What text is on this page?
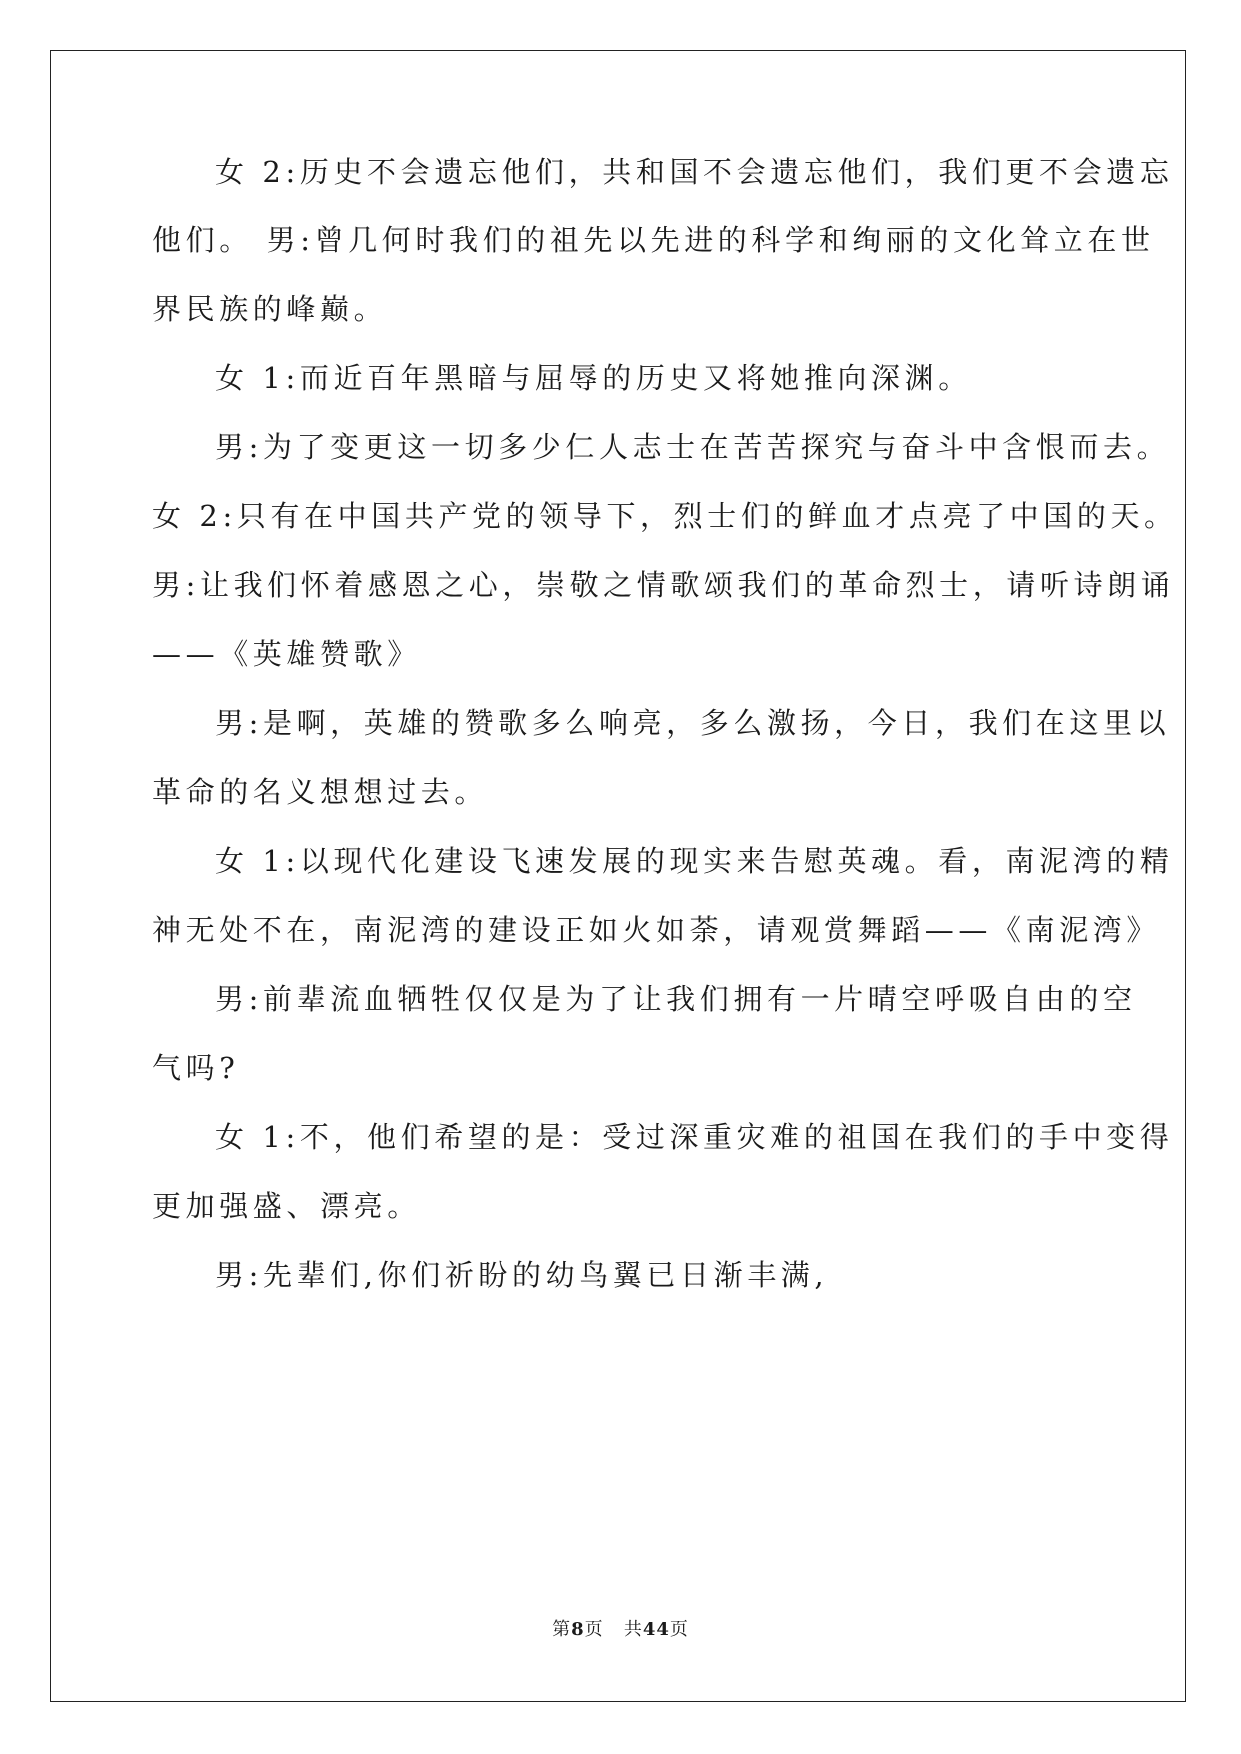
女 2:历史不会遗忘他们，共和国不会遗忘他们，我们更不会遗忘
他们。 男:曾几何时我们的祖先以先进的科学和绚丽的文化耸立在世
界民族的峰巅。
女 1:而近百年黑暗与屈辱的历史又将她推向深渊。
男:为了变更这一切多少仁人志士在苦苦探究与奋斗中含恨而去。
女 2:只有在中国共产党的领导下，烈士们的鲜血才点亮了中国的天。
男:让我们怀着感恩之心，崇敬之情歌颂我们的革命烈士，请听诗朗诵
——《英雄赞歌》
男:是啊，英雄的赞歌多么响亮，多么激扬，今日，我们在这里以
革命的名义想想过去。
女 1:以现代化建设飞速发展的现实来告慰英魂。看，南泥湾的精
神无处不在，南泥湾的建设正如火如荼，请观赏舞蹈——《南泥湾》
男:前辈流血牺牲仅仅是为了让我们拥有一片晴空呼吸自由的空
气吗?
女 1:不，他们希望的是：受过深重灾难的祖国在我们的手中变得
更加强盛、漂亮。
男:先辈们,你们祈盼的幼鸟翼已日渐丰满,
第8页 共44页
